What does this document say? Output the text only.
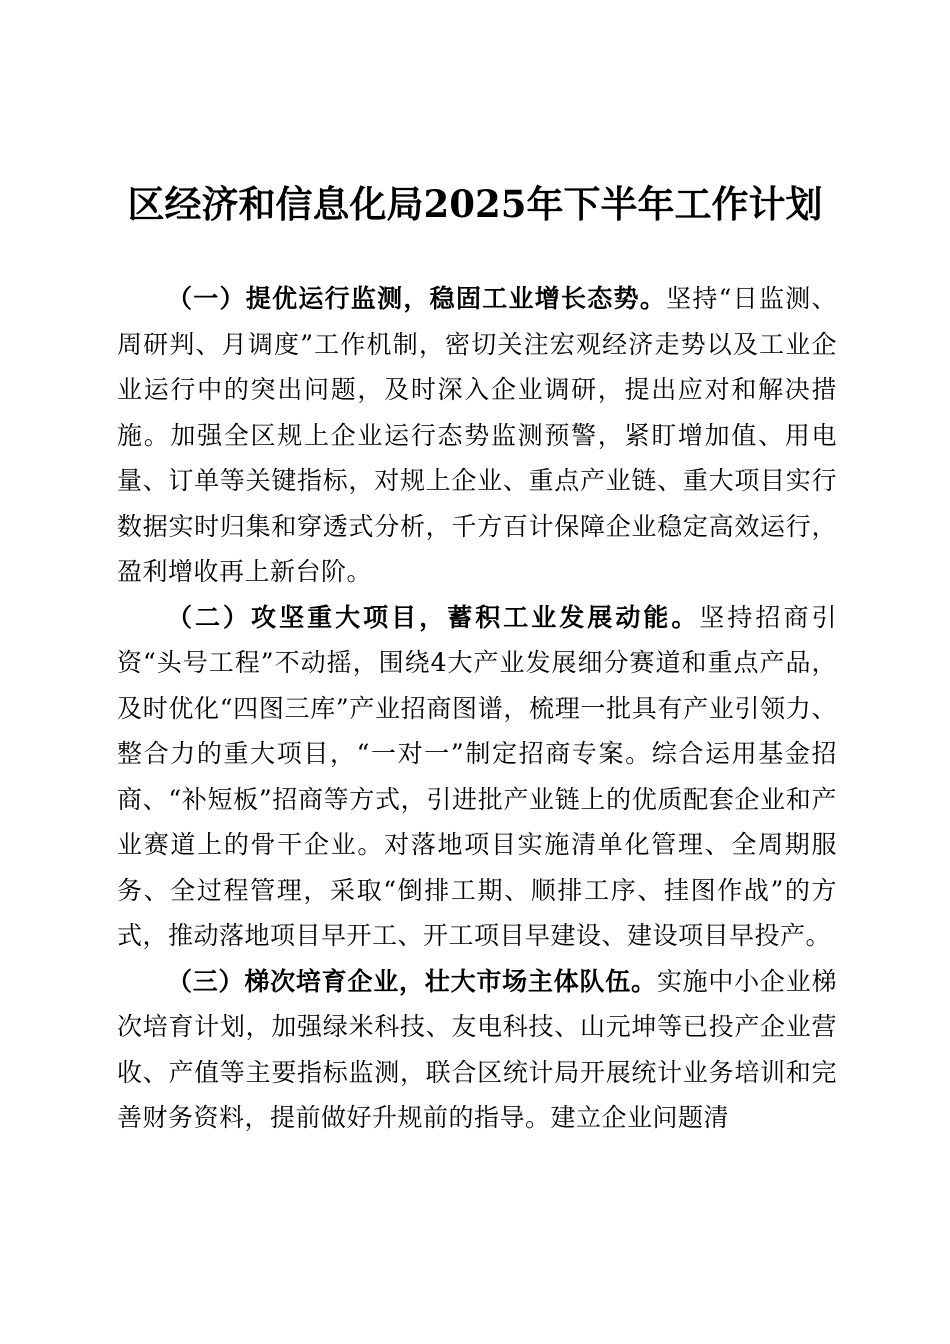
区经济和信息化局2025年下半年工作计划

（一）提优运行监测，稳固工业增长态势。坚持“日监测、周研判、月调度”工作机制，密切关注宏观经济走势以及工业企业运行中的突出问题，及时深入企业调研，提出应对和解决措施。加强全区规上企业运行态势监测预警，紧盯增加值、用电量、订单等关键指标，对规上企业、重点产业链、重大项目实行数据实时归集和穿透式分析，千方百计保障企业稳定高效运行，盈利增收再上新台阶。

（二）攻坚重大项目，蓄积工业发展动能。坚持招商引资“头号工程”不动摇，围绕4大产业发展细分赛道和重点产品，及时优化“四图三库”产业招商图谱，梳理一批具有产业引领力、整合力的重大项目，“一对一”制定招商专案。综合运用基金招商、“补短板”招商等方式，引进批产业链上的优质配套企业和产业赛道上的骨干企业。对落地项目实施清单化管理、全周期服务、全过程管理，采取“倒排工期、顺排工序、挂图作战”的方式，推动落地项目早开工、开工项目早建设、建设项目早投产。

（三）梯次培育企业，壮大市场主体队伍。实施中小企业梯次培育计划，加强绿米科技、友电科技、山元坤等已投产企业营收、产值等主要指标监测，联合区统计局开展统计业务培训和完善财务资料，提前做好升规前的指导。建立企业问题清
